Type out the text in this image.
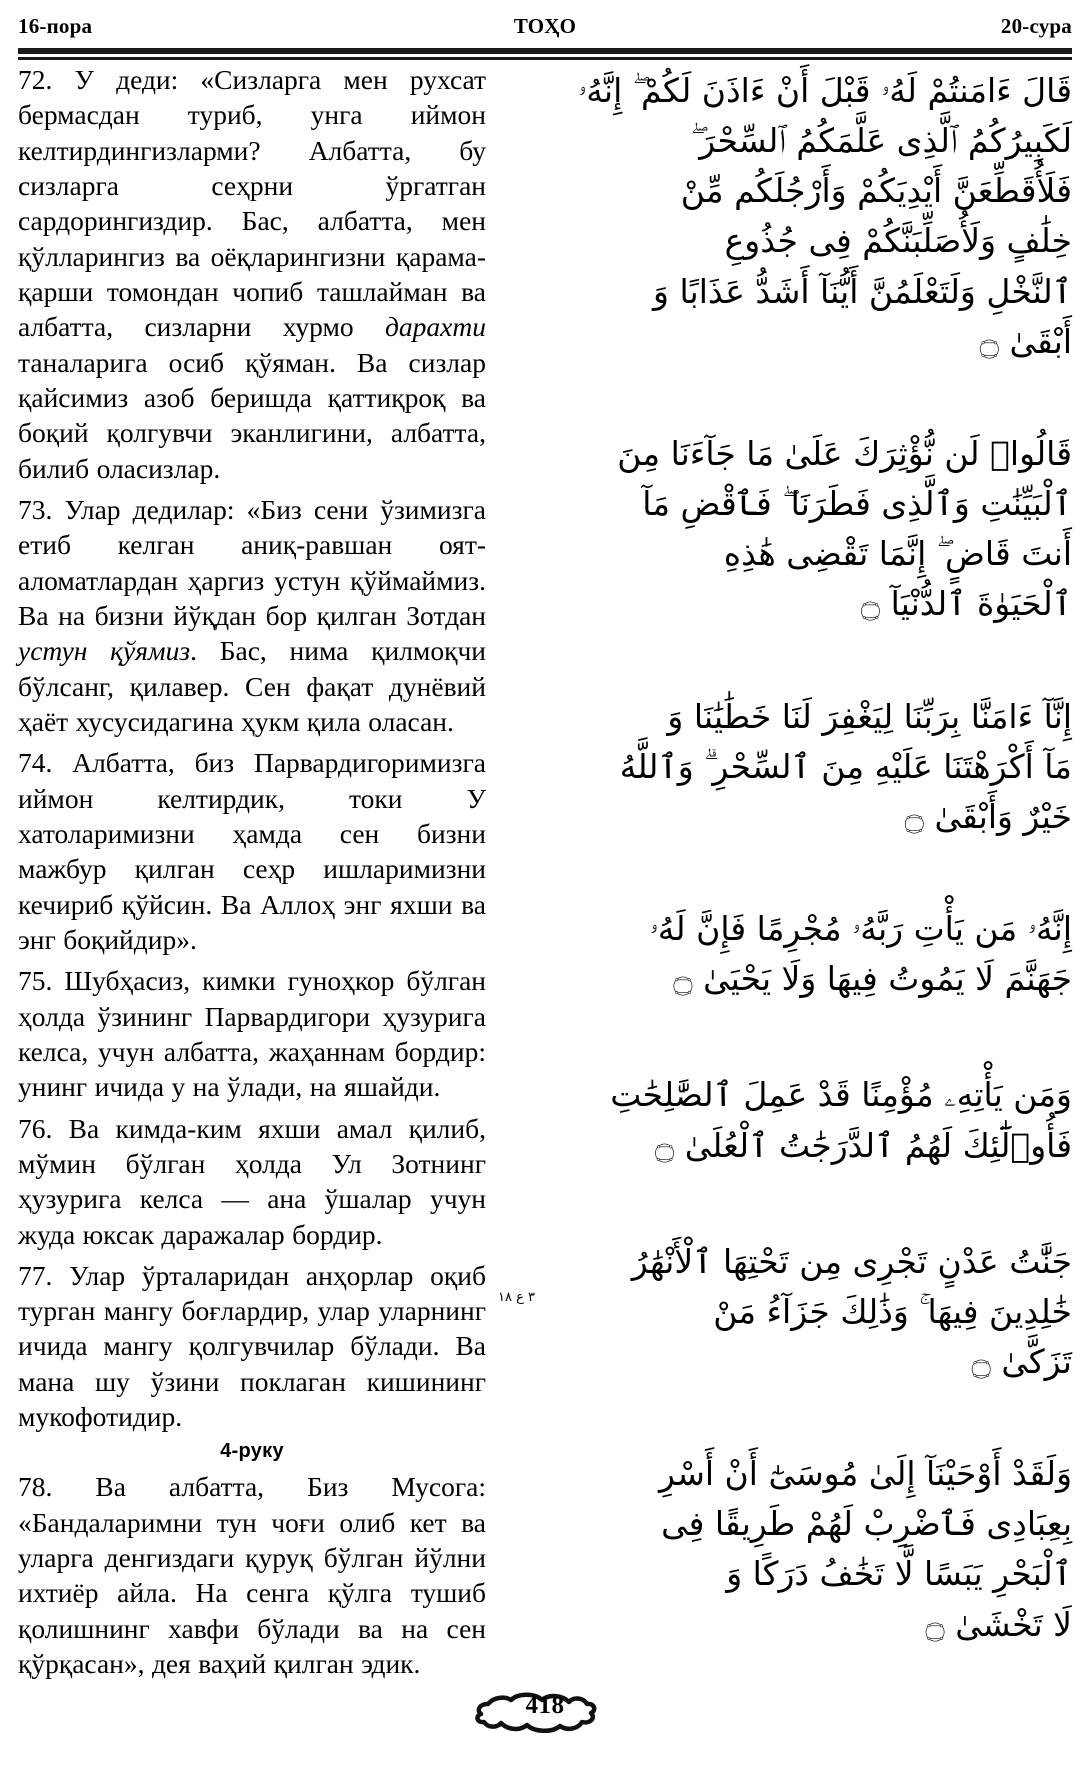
16-пора	ТОҲО	20-сура

72. У деди: «Сизларга мен рухсат бермасдан туриб, унга иймон келтирдингизларми? Албатта, бу сизларга сеҳрни ўргатган сардорингиздир. Бас, албатта, мен қўлларингиз ва оёқларингизни қарама-қарши томондан чопиб ташлайман ва албатта, сизларни хурмо дарахти таналарига осиб қўяман. Ва сизлар қайсимиз азоб беришда қаттиқроқ ва боқий қолгувчи эканлигини, албатта, билиб оласизлар.

73. Улар дедилар: «Биз сени ўзимизга етиб келган аниқ-равшан оят-аломатлардан ҳаргиз устун қўймаймиз. Ва на бизни йўқдан бор қилган Зотдан устун қўямиз. Бас, нима қилмоқчи бўлсанг, қилавер. Сен фақат дунёвий ҳаёт хусусидагина ҳукм қила оласан.

74. Албатта, биз Парвардигоримизга иймон келтирдик, токи У хатоларимизни ҳамда сен бизни мажбур қилган сеҳр ишларимизни кечириб қўйсин. Ва Аллоҳ энг яхши ва энг боқийдир».

75. Шубҳасиз, кимки гуноҳкор бўлган ҳолда ўзининг Парвардигори ҳузурига келса, учун албатта, жаҳаннам бордир: унинг ичида у на ўлади, на яшайди.

76. Ва кимда-ким яхши амал қилиб, мўмин бўлган ҳолда Ул Зотнинг ҳузурига келса — ана ўшалар учун жуда юксак даражалар бордир.

77. Улар ўрталаридан анҳорлар оқиб турган мангу боғлардир, улар уларнинг ичида мангу қолгувчилар бўлади. Ва мана шу ўзини поклаган кишининг мукофотидир.

4-руку

78. Ва албатта, Биз Мусога: «Бандаларимни тун чоғи олиб кет ва уларга денгиздаги қуруқ бўлган йўлни ихтиёр айла. На сенга қўлга тушиб қолишнинг хавфи бўлади ва на сен қўрқасан», дея ваҳий қилган эдик.

قَالَ ءَامَنتُمْ لَهُۥ قَبْلَ أَنْ ءَاذَنَ لَكُمْ ۖ إِنَّهُۥ
لَكَبِيرُكُمُ ٱلَّذِى عَلَّمَكُمُ ٱلسِّحْرَ ۖ
فَلَأُقَطِّعَنَّ أَيْدِيَكُمْ وَأَرْجُلَكُم مِّنْ
خِلَٰفٍ وَلَأُصَلِّبَنَّكُمْ فِى جُذُوعِ
ٱلنَّخْلِ وَلَتَعْلَمُنَّ أَيُّنَآ أَشَدُّ عَذَابًا وَ
أَبْقَىٰ ۝
قَالُوا۟ لَن نُّؤْثِرَكَ عَلَىٰ مَا جَآءَنَا مِنَ
ٱلْبَيِّنَٰتِ وَٱلَّذِى فَطَرَنَا ۖ فَٱقْضِ مَآ
أَنتَ قَاضٍ ۖ إِنَّمَا تَقْضِى هَٰذِهِ
ٱلْحَيَوٰةَ ٱلدُّنْيَآ ۝
إِنَّآ ءَامَنَّا بِرَبِّنَا لِيَغْفِرَ لَنَا خَطَٰيَٰنَا وَ
مَآ أَكْرَهْتَنَا عَلَيْهِ مِنَ ٱلسِّحْرِ ۗ وَٱللَّهُ
خَيْرٌ وَأَبْقَىٰ ۝
إِنَّهُۥ مَن يَأْتِ رَبَّهُۥ مُجْرِمًا فَإِنَّ لَهُۥ
جَهَنَّمَ لَا يَمُوتُ فِيهَا وَلَا يَحْيَىٰ ۝
وَمَن يَأْتِهِۦ مُؤْمِنًا قَدْ عَمِلَ ٱلصَّٰلِحَٰتِ
فَأُو۟لَٰٓئِكَ لَهُمُ ٱلدَّرَجَٰتُ ٱلْعُلَىٰ ۝
٣ ع ١٨
جَنَّٰتُ عَدْنٍ تَجْرِى مِن تَحْتِهَا ٱلْأَنْهَٰرُ
خَٰلِدِينَ فِيهَا ۚ وَذَٰلِكَ جَزَآءُ مَنْ
تَزَكَّىٰ ۝
وَلَقَدْ أَوْحَيْنَآ إِلَىٰ مُوسَىٰٓ أَنْ أَسْرِ
بِعِبَادِى فَٱضْرِبْ لَهُمْ طَرِيقًا فِى
ٱلْبَحْرِ يَبَسًا لَّا تَخَٰفُ دَرَكًا وَ
لَا تَخْشَىٰ ۝
418
